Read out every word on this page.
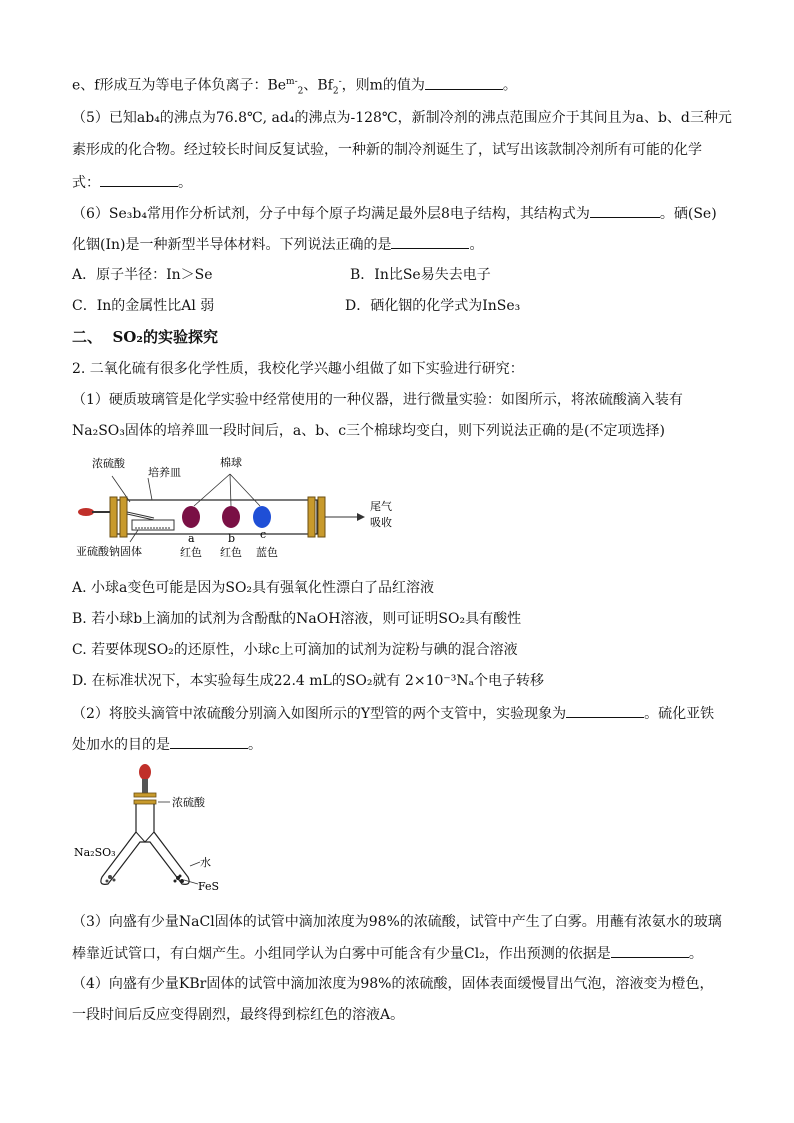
e、f形成互为等电子体负离子：$Be^{m-}_2$、$Bf_2^-$，则m的值为	。
（5）已知ab₄的沸点为76.8℃, ad₄的沸点为-128℃，新制冷剂的沸点范围应介于其间且为a、b、d三种元
素形成的化合物。经过较长时间反复试验，一种新的制冷剂诞生了，试写出该款制冷剂所有可能的化学
式：	。
（6）Se₃b₄常用作分析试剂，分子中每个原子均满足最外层8电子结构，其结构式为	。硒(Se)
化铟(In)是一种新型半导体材料。下列说法正确的是	。
A．原子半径：In＞Se	B．In比Se易失去电子
C．In的金属性比Al 弱	D．硒化铟的化学式为InSe₃
二、 SO₂的实验探究
2. 二氧化硫有很多化学性质，我校化学兴趣小组做了如下实验进行研究：
（1）硬质玻璃管是化学实验中经常使用的一种仪器，进行微量实验：如图所示，将浓硫酸滴入装有
Na₂SO₃固体的培养皿一段时间后，a、b、c三个棉球均变白，则下列说法正确的是(不定项选择)
浓硫酸
培养皿
棉球
尾气
吸收
亚硫酸钠固体
a	b c
红色 红色 蓝色
A. 小球a变色可能是因为SO₂具有强氧化性漂白了品红溶液
B. 若小球b上滴加的试剂为含酚酞的NaOH溶液，则可证明SO₂具有酸性
C. 若要体现SO₂的还原性，小球c上可滴加的试剂为淀粉与碘的混合溶液
D. 在标准状况下，本实验每生成22.4 mL的SO₂就有 2×10⁻³Nₐ个电子转移
（2）将胶头滴管中浓硫酸分别滴入如图所示的Y型管的两个支管中，实验现象为	。硫化亚铁
处加水的目的是	。
浓硫酸
Na₂SO₃
水
FeS
（3）向盛有少量NaCl固体的试管中滴加浓度为98%的浓硫酸，试管中产生了白雾。用蘸有浓氨水的玻璃
棒靠近试管口，有白烟产生。小组同学认为白雾中可能含有少量Cl₂，作出预测的依据是	。
（4）向盛有少量KBr固体的试管中滴加浓度为98%的浓硫酸，固体表面缓慢冒出气泡，溶液变为橙色，
一段时间后反应变得剧烈，最终得到棕红色的溶液A。
